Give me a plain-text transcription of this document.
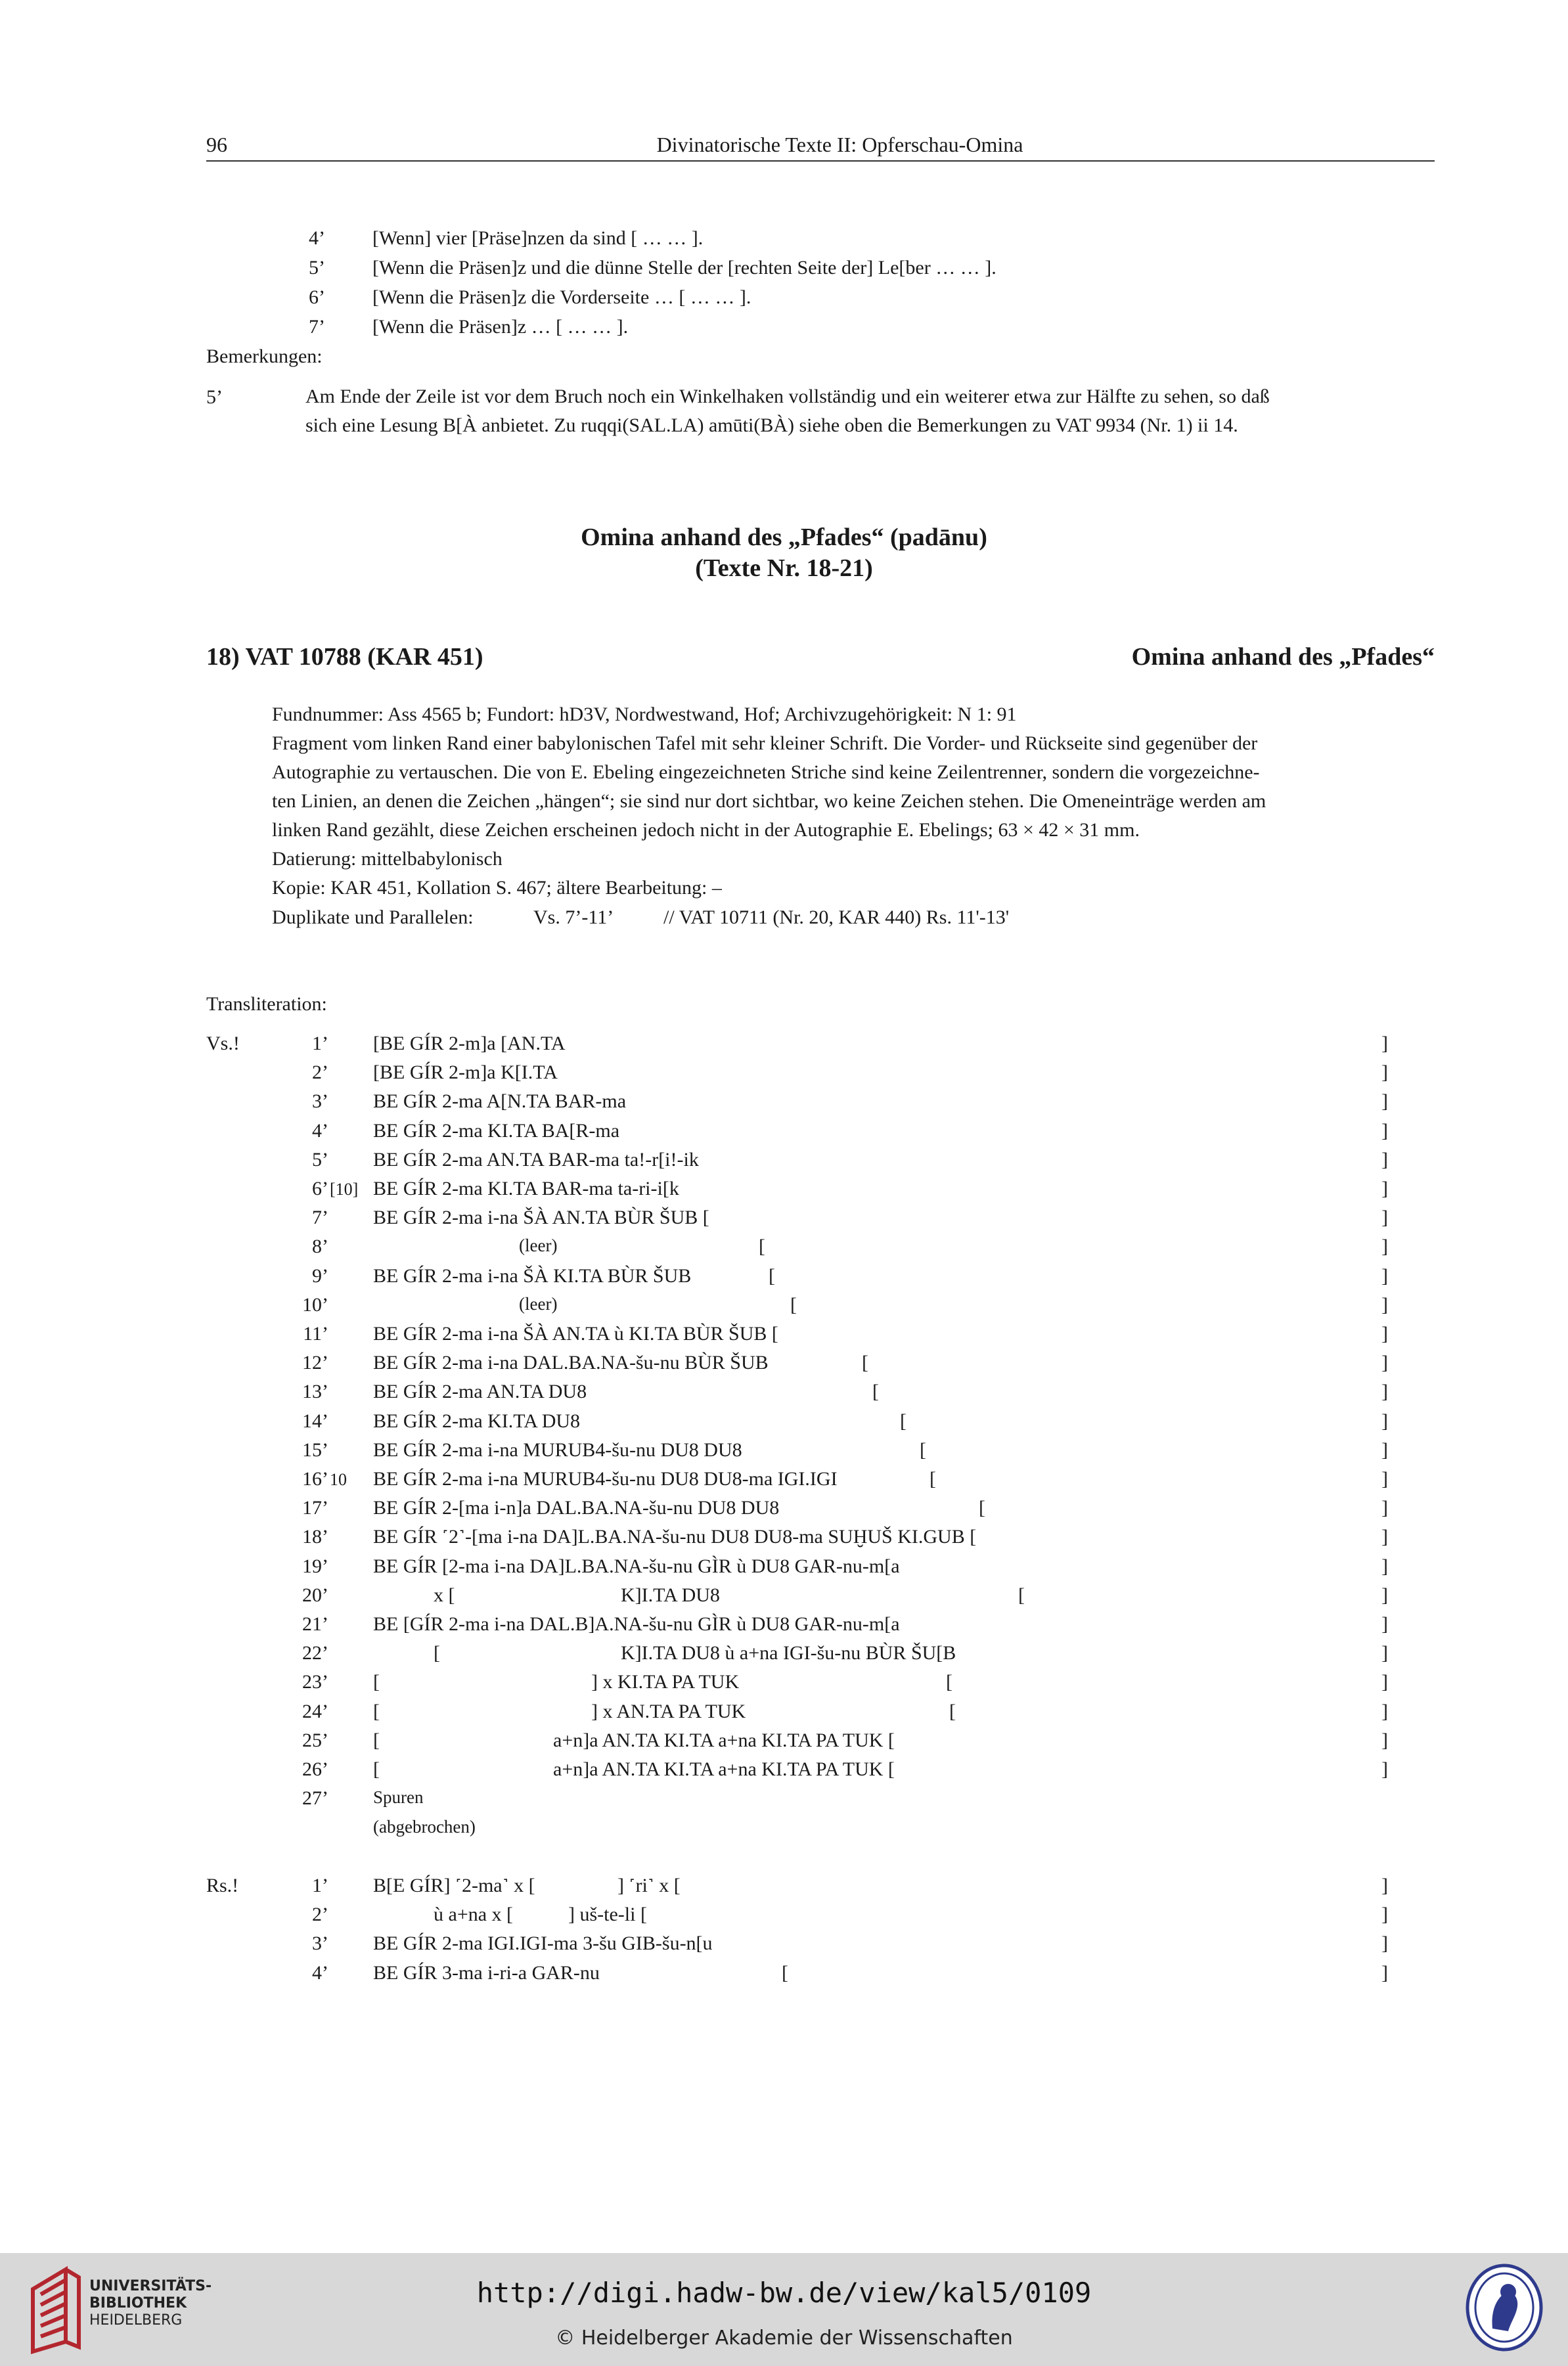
96	Divinatorische Texte II: Opferschau-Omina
4’ [Wenn] vier [Präse]nzen da sind [ … … ].
5’ [Wenn die Präsen]z und die dünne Stelle der [rechten Seite der] Le[ber … … ].
6’ [Wenn die Präsen]z die Vorderseite … [ … … ].
7’ [Wenn die Präsen]z … [ … … ].
Bemerkungen:
5’	Am Ende der Zeile ist vor dem Bruch noch ein Winkelhaken vollständig und ein weiterer etwa zur Hälfte zu sehen, so daß
sich eine Lesung B[À anbietet. Zu ruqqi(SAL.LA) amūti(BÀ) siehe oben die Bemerkungen zu VAT 9934 (Nr. 1) ii 14.
Omina anhand des „Pfades“ (padānu)
(Texte Nr. 18-21)
18) VAT 10788 (KAR 451)	Omina anhand des „Pfades“
Fundnummer: Ass 4565 b; Fundort: hD3V, Nordwestwand, Hof; Archivzugehörigkeit: N 1: 91
Fragment vom linken Rand einer babylonischen Tafel mit sehr kleiner Schrift. Die Vorder- und Rückseite sind gegenüber der
Autographie zu vertauschen. Die von E. Ebeling eingezeichneten Striche sind keine Zeilentrenner, sondern die vorgezeichne-
ten Linien, an denen die Zeichen „hängen“; sie sind nur dort sichtbar, wo keine Zeichen stehen. Die Omeneinträge werden am
linken Rand gezählt, diese Zeichen erscheinen jedoch nicht in der Autographie E. Ebelings; 63 × 42 × 31 mm.
Datierung: mittelbabylonisch
Kopie: KAR 451, Kollation S. 467; ältere Bearbeitung: –
Duplikate und Parallelen:	Vs. 7’-11’	// VAT 10711 (Nr. 20, KAR 440) Rs. 11'-13'
Transliteration:
Vs.!
Rs.!
(abgebrochen)
1’ [BE GÍR 2-m]a [AN.TA	]
2’ [BE GÍR 2-m]a K[I.TA	]
3’ BE GÍR 2-ma A[N.TA BAR-ma	]
4’ BE GÍR 2-ma KI.TA BA[R-ma	]
5’ BE GÍR 2-ma AN.TA BAR-ma ta!-r[i!-ik	]
6’ [10] BE GÍR 2-ma KI.TA BAR-ma ta-ri-i[k	]
7’ BE GÍR 2-ma i-na ŠÀ AN.TA BÙR ŠUB [	]
8’	(leer)	[	]
9’ BE GÍR 2-ma i-na ŠÀ KI.TA BÙR ŠUB	[	]
10’	(leer)	[	]
11’ BE GÍR 2-ma i-na ŠÀ AN.TA ù KI.TA BÙR ŠUB [	]
12’ BE GÍR 2-ma i-na DAL.BA.NA-šu-nu BÙR ŠUB	[	]
13’ BE GÍR 2-ma AN.TA DU8	[	]
14’ BE GÍR 2-ma KI.TA DU8	[	]
15’ BE GÍR 2-ma i-na MURUB4-šu-nu DU8 DU8	[	]
16’ 10 BE GÍR 2-ma i-na MURUB4-šu-nu DU8 DU8-ma IGI.IGI	[	]
17’ BE GÍR 2-[ma i-n]a DAL.BA.NA-šu-nu DU8 DU8	[	]
18’ BE GÍR ˹2˺-[ma i-na DA]L.BA.NA-šu-nu DU8 DU8-ma SUḪUŠ KI.GUB [	]
19’ BE GÍR [2-ma i-na DA]L.BA.NA-šu-nu GÌR ù DU8 GAR-nu-m[a	]
20’	x [	K]I.TA DU8	[	]
21’ BE [GÍR 2-ma i-na DAL.B]A.NA-šu-nu GÌR ù DU8 GAR-nu-m[a	]
22’	[	K]I.TA DU8 ù a+na IGI-šu-nu BÙR ŠU[B	]
23’ [	] x KI.TA PA TUK	[	]
24’ [	] x AN.TA PA TUK	[	]
25’ [	a+n]a AN.TA KI.TA a+na KI.TA PA TUK [	]
26’ [	a+n]a AN.TA KI.TA a+na KI.TA PA TUK [	]
27’	Spuren
1’ B[E GÍR] ˹2-ma˺ x [	] ˹ri˺ x [	]
2’	ù a+na x [	] uš-te-li [	]
3’ BE GÍR 2-ma IGI.IGI-ma 3-šu GIB-šu-n[u	]
4’ BE GÍR 3-ma i-ri-a GAR-nu	[	]
UNIVERSITÄTS-
BIBLIOTHEK
HEIDELBERG
http://digi.hadw-bw.de/view/kal5/0109
© Heidelberger Akademie der Wissenschaften
